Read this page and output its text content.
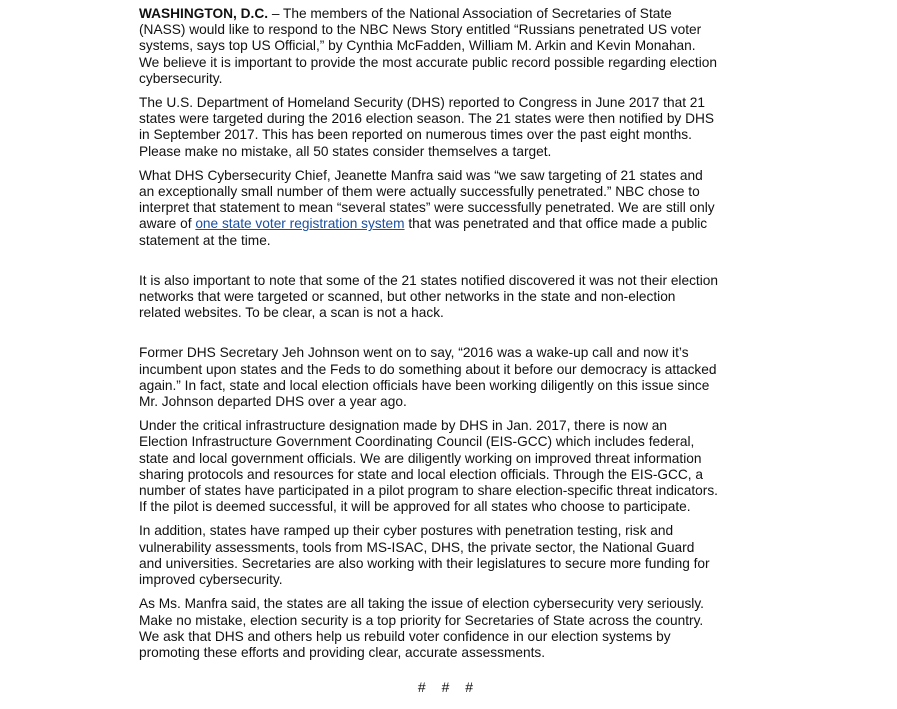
WASHINGTON, D.C. – The members of the National Association of Secretaries of State (NASS) would like to respond to the NBC News Story entitled “Russians penetrated US voter systems, says top US Official,” by Cynthia McFadden, William M. Arkin and Kevin Monahan. We believe it is important to provide the most accurate public record possible regarding election cybersecurity.

The U.S. Department of Homeland Security (DHS) reported to Congress in June 2017 that 21 states were targeted during the 2016 election season. The 21 states were then notified by DHS in September 2017. This has been reported on numerous times over the past eight months. Please make no mistake, all 50 states consider themselves a target.

What DHS Cybersecurity Chief, Jeanette Manfra said was “we saw targeting of 21 states and an exceptionally small number of them were actually successfully penetrated.” NBC chose to interpret that statement to mean “several states” were successfully penetrated. We are still only aware of one state voter registration system that was penetrated and that office made a public statement at the time.

It is also important to note that some of the 21 states notified discovered it was not their election networks that were targeted or scanned, but other networks in the state and non-election related websites. To be clear, a scan is not a hack.

Former DHS Secretary Jeh Johnson went on to say, “2016 was a wake-up call and now it’s incumbent upon states and the Feds to do something about it before our democracy is attacked again.” In fact, state and local election officials have been working diligently on this issue since Mr. Johnson departed DHS over a year ago.

Under the critical infrastructure designation made by DHS in Jan. 2017, there is now an Election Infrastructure Government Coordinating Council (EIS-GCC) which includes federal, state and local government officials. We are diligently working on improved threat information sharing protocols and resources for state and local election officials. Through the EIS-GCC, a number of states have participated in a pilot program to share election-specific threat indicators. If the pilot is deemed successful, it will be approved for all states who choose to participate.

In addition, states have ramped up their cyber postures with penetration testing, risk and vulnerability assessments, tools from MS-ISAC, DHS, the private sector, the National Guard and universities. Secretaries are also working with their legislatures to secure more funding for improved cybersecurity.

As Ms. Manfra said, the states are all taking the issue of election cybersecurity very seriously. Make no mistake, election security is a top priority for Secretaries of State across the country. We ask that DHS and others help us rebuild voter confidence in our election systems by promoting these efforts and providing clear, accurate assessments.

# # #
